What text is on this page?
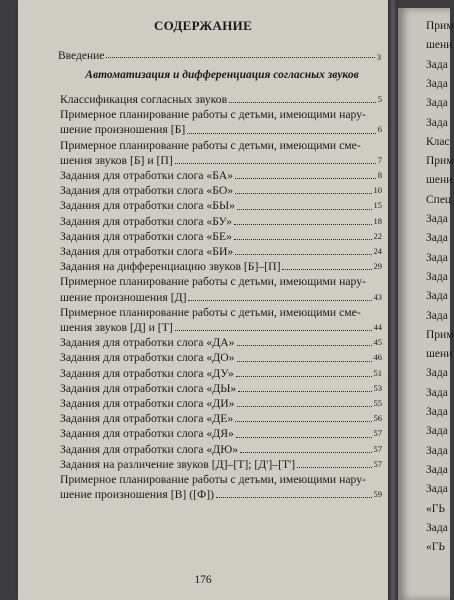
СОДЕРЖАНИЕ
Введение	3
Автоматизация и дифференциация согласных звуков
Классификация согласных звуков	5
Примерное планирование работы с детьми, имеющими нару-
шение произношения [Б]	6
Примерное планирование работы с детьми, имеющими сме-
шения звуков [Б] и [П]	7
Задания для отработки слога «БА»	8
Задания для отработки слога «БО»	10
Задания для отработки слога «БЫ»	15
Задания для отработки слога «БУ»	18
Задания для отработки слога «БЕ»	22
Задания для отработки слога «БИ»	24
Задания на дифференциацию звуков [Б]–[П]	29
Примерное планирование работы с детьми, имеющими нару-
шение произношения [Д]	43
Примерное планирование работы с детьми, имеющими сме-
шения звуков [Д] и [Т]	44
Задания для отработки слога «ДА»	45
Задания для отработки слога «ДО»	46
Задания для отработки слога «ДУ»	51
Задания для отработки слога «ДЫ»	53
Задания для отработки слога «ДИ»	55
Задания для отработки слога «ДЕ»	56
Задания для отработки слога «ДЯ»	57
Задания для отработки слога «ДЮ»	57
Задания на различение звуков [Д]–[Т]; [Д']–[Т']	57
Примерное планирование работы с детьми, имеющими нару-
шение произношения [В] ([Ф])	59
176
Прим
шени
Зада
Зада
Зада
Зада
Клас
Прим
шени
Спец
Зада
Зада
Зада
Зада
Зада
Зада
Прим
шени
Зада
Зада
Зада
Зада
Зада
Зада
Зада
«ГЬ
Зада
«ГЬ
